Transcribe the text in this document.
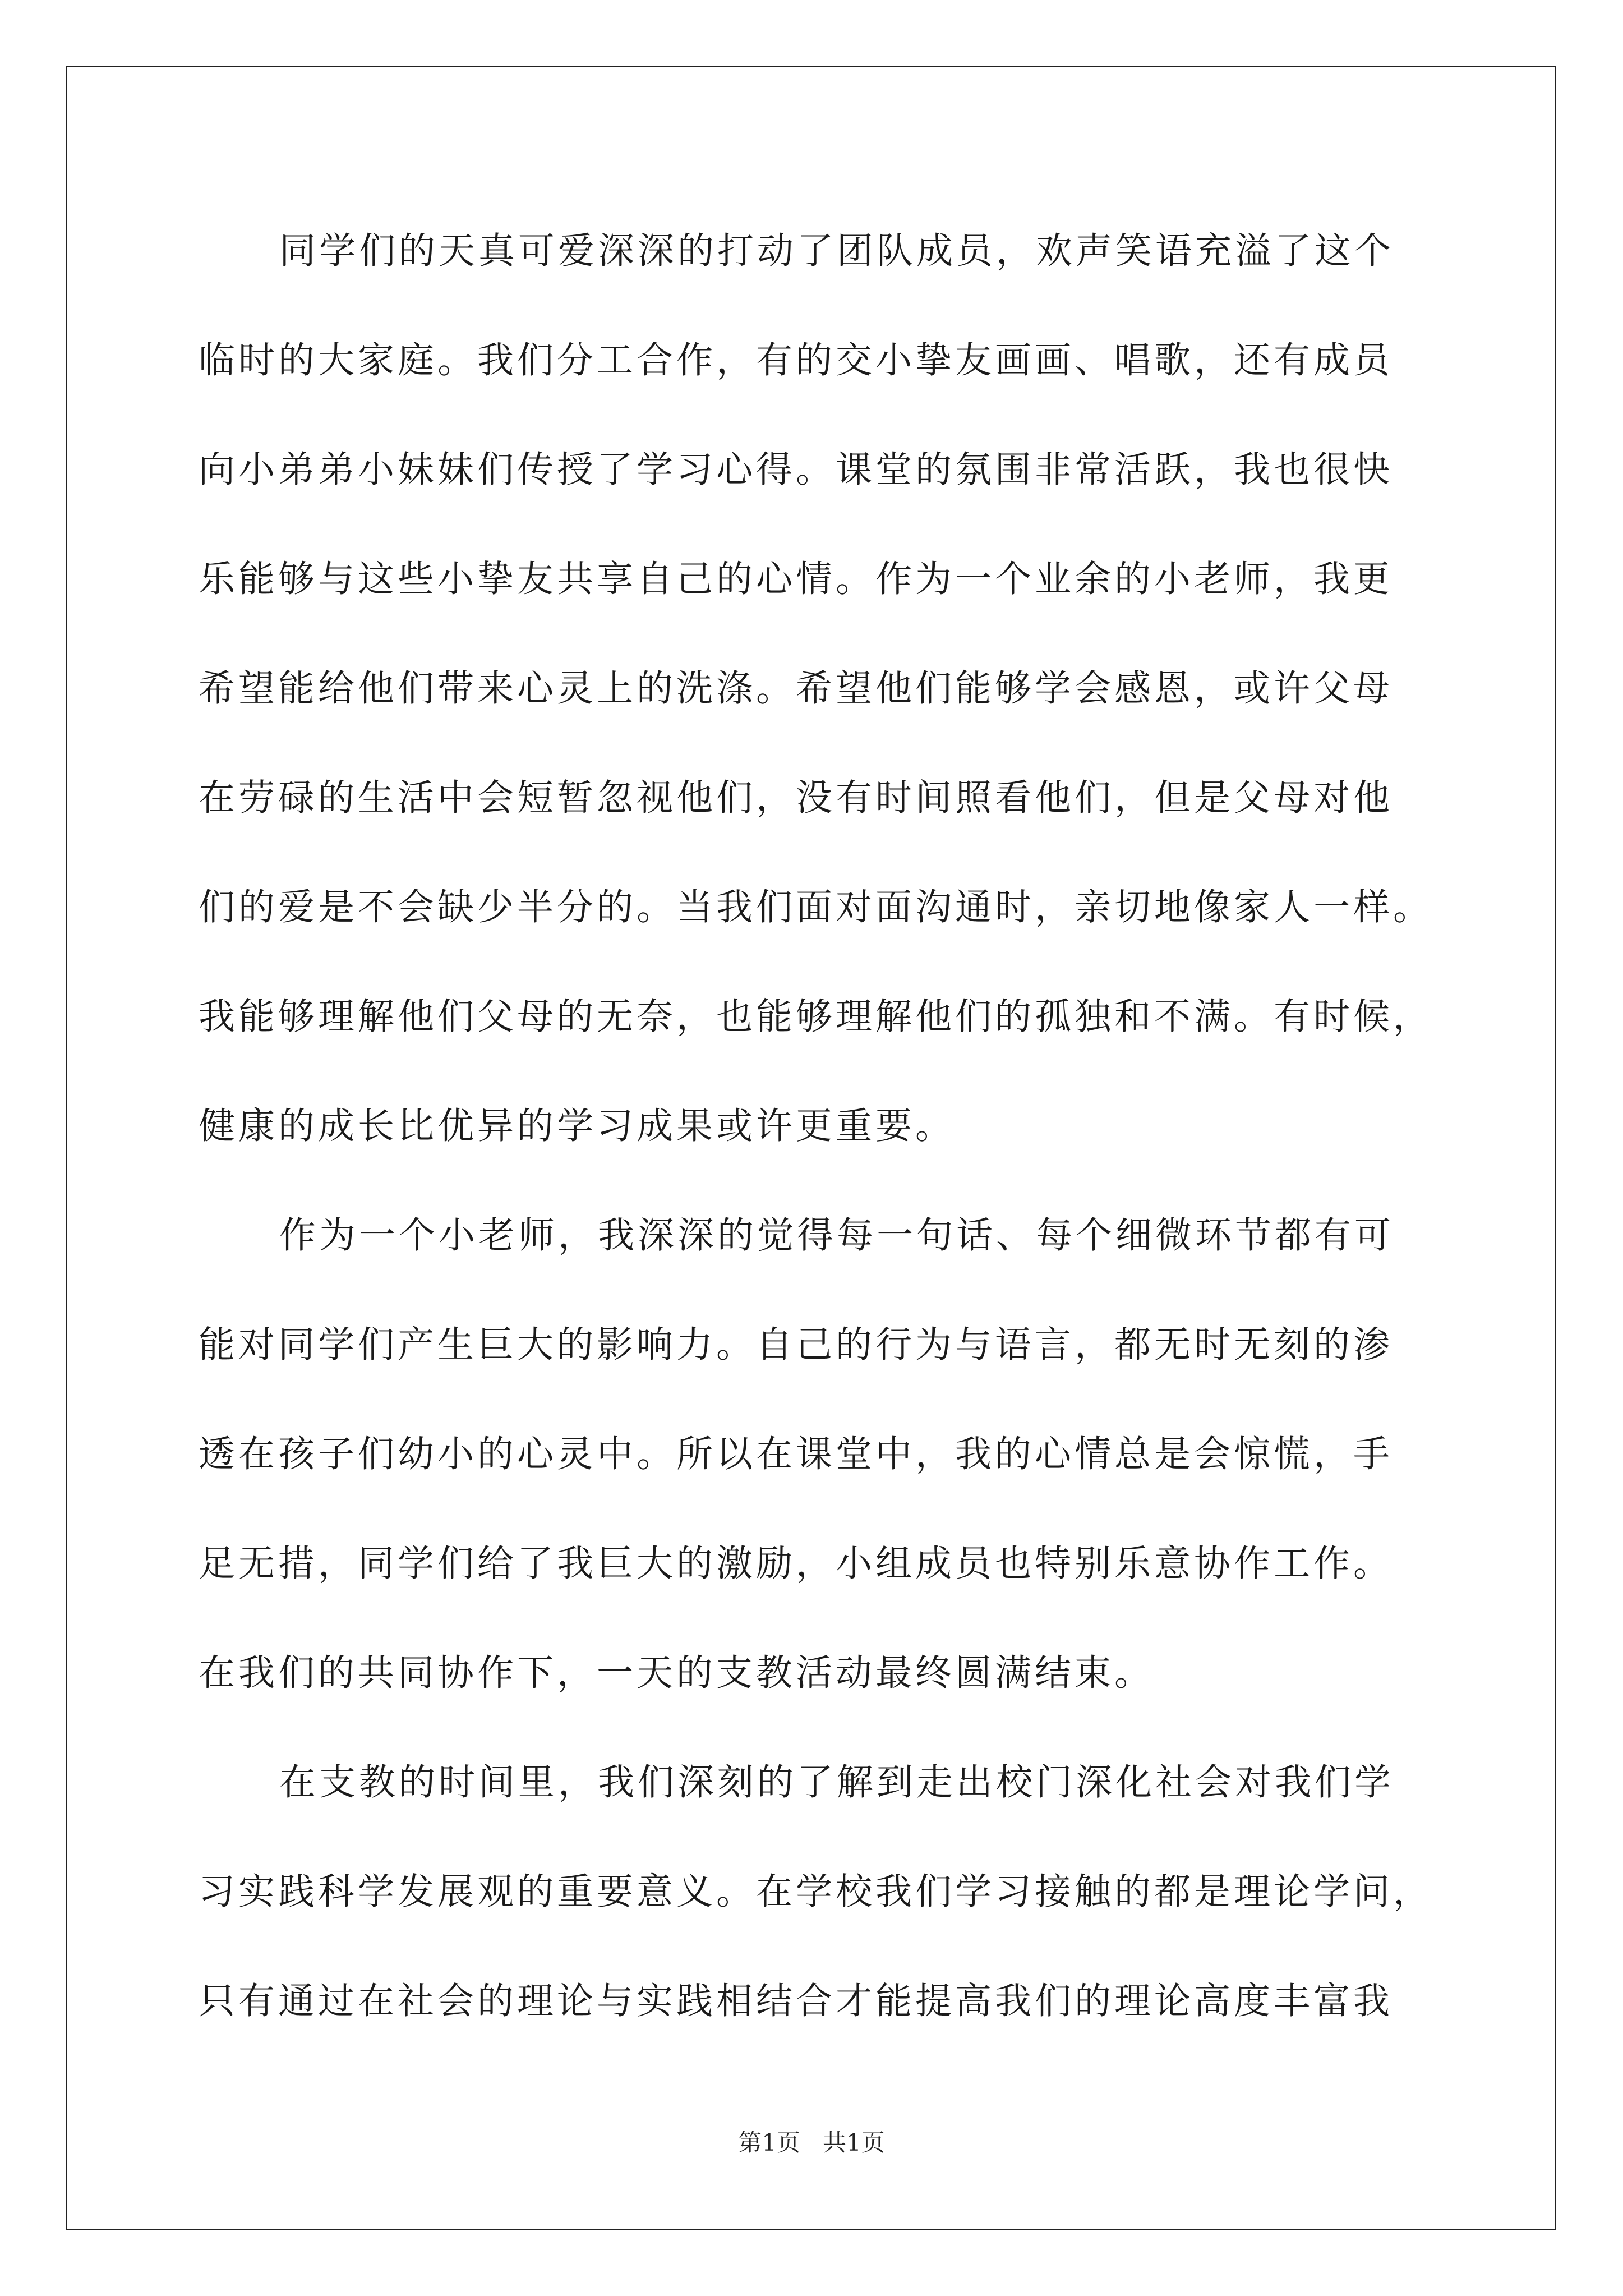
同学们的天真可爱深深的打动了团队成员，欢声笑语充溢了这个
临时的大家庭。我们分工合作，有的交小挚友画画、唱歌，还有成员
向小弟弟小妹妹们传授了学习心得。课堂的氛围非常活跃，我也很快
乐能够与这些小挚友共享自己的心情。作为一个业余的小老师，我更
希望能给他们带来心灵上的洗涤。希望他们能够学会感恩，或许父母
在劳碌的生活中会短暂忽视他们，没有时间照看他们，但是父母对他
们的爱是不会缺少半分的。当我们面对面沟通时，亲切地像家人一样。
我能够理解他们父母的无奈，也能够理解他们的孤独和不满。有时候，
健康的成长比优异的学习成果或许更重要。
作为一个小老师，我深深的觉得每一句话、每个细微环节都有可
能对同学们产生巨大的影响力。自己的行为与语言，都无时无刻的渗
透在孩子们幼小的心灵中。所以在课堂中，我的心情总是会惊慌，手
足无措，同学们给了我巨大的激励，小组成员也特别乐意协作工作。
在我们的共同协作下，一天的支教活动最终圆满结束。
在支教的时间里，我们深刻的了解到走出校门深化社会对我们学
习实践科学发展观的重要意义。在学校我们学习接触的都是理论学问，
只有通过在社会的理论与实践相结合才能提高我们的理论高度丰富我
第1页 共1页
